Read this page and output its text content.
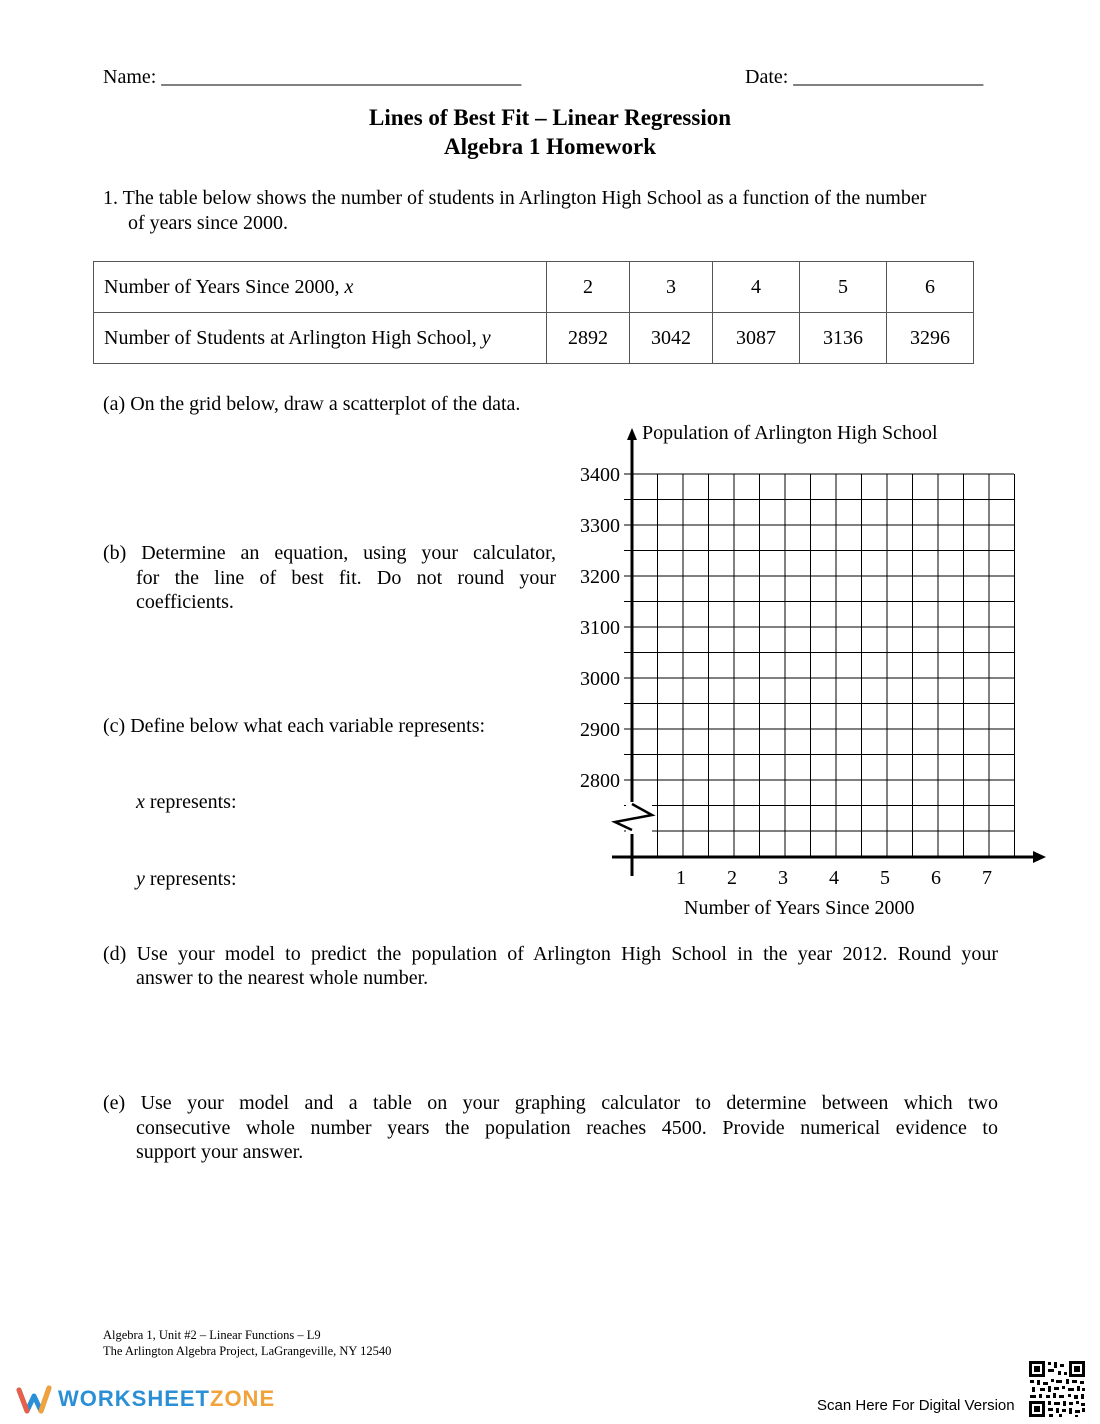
Name: ____________________________________	Date: ___________________
Lines of Best Fit – Linear Regression
Algebra 1 Homework
1. The table below shows the number of students in Arlington High School as a function of the number
of years since 2000.
Number of Years Since 2000, x	2	3	4	5	6
Number of Students at Arlington High School, y	2892	3042	3087	3136	3296
(a) On the grid below, draw a scatterplot of the data.
(b) Determine an equation, using your calculator,
for the line of best fit. Do not round your
coefficients.
(c) Define below what each variable represents:
x represents:
y represents:
Population of Arlington High School
3400
3300
3200
3100
3000
2900
2800
1	2	3	4	5	6	7
Number of Years Since 2000
(d) Use your model to predict the population of Arlington High School in the year 2012. Round your
answer to the nearest whole number.
(e) Use your model and a table on your graphing calculator to determine between which two
consecutive whole number years the population reaches 4500. Provide numerical evidence to
support your answer.
Algebra 1, Unit #2 – Linear Functions – L9
The Arlington Algebra Project, LaGrangeville, NY 12540
WORKSHEETZONE	Scan Here For Digital Version
